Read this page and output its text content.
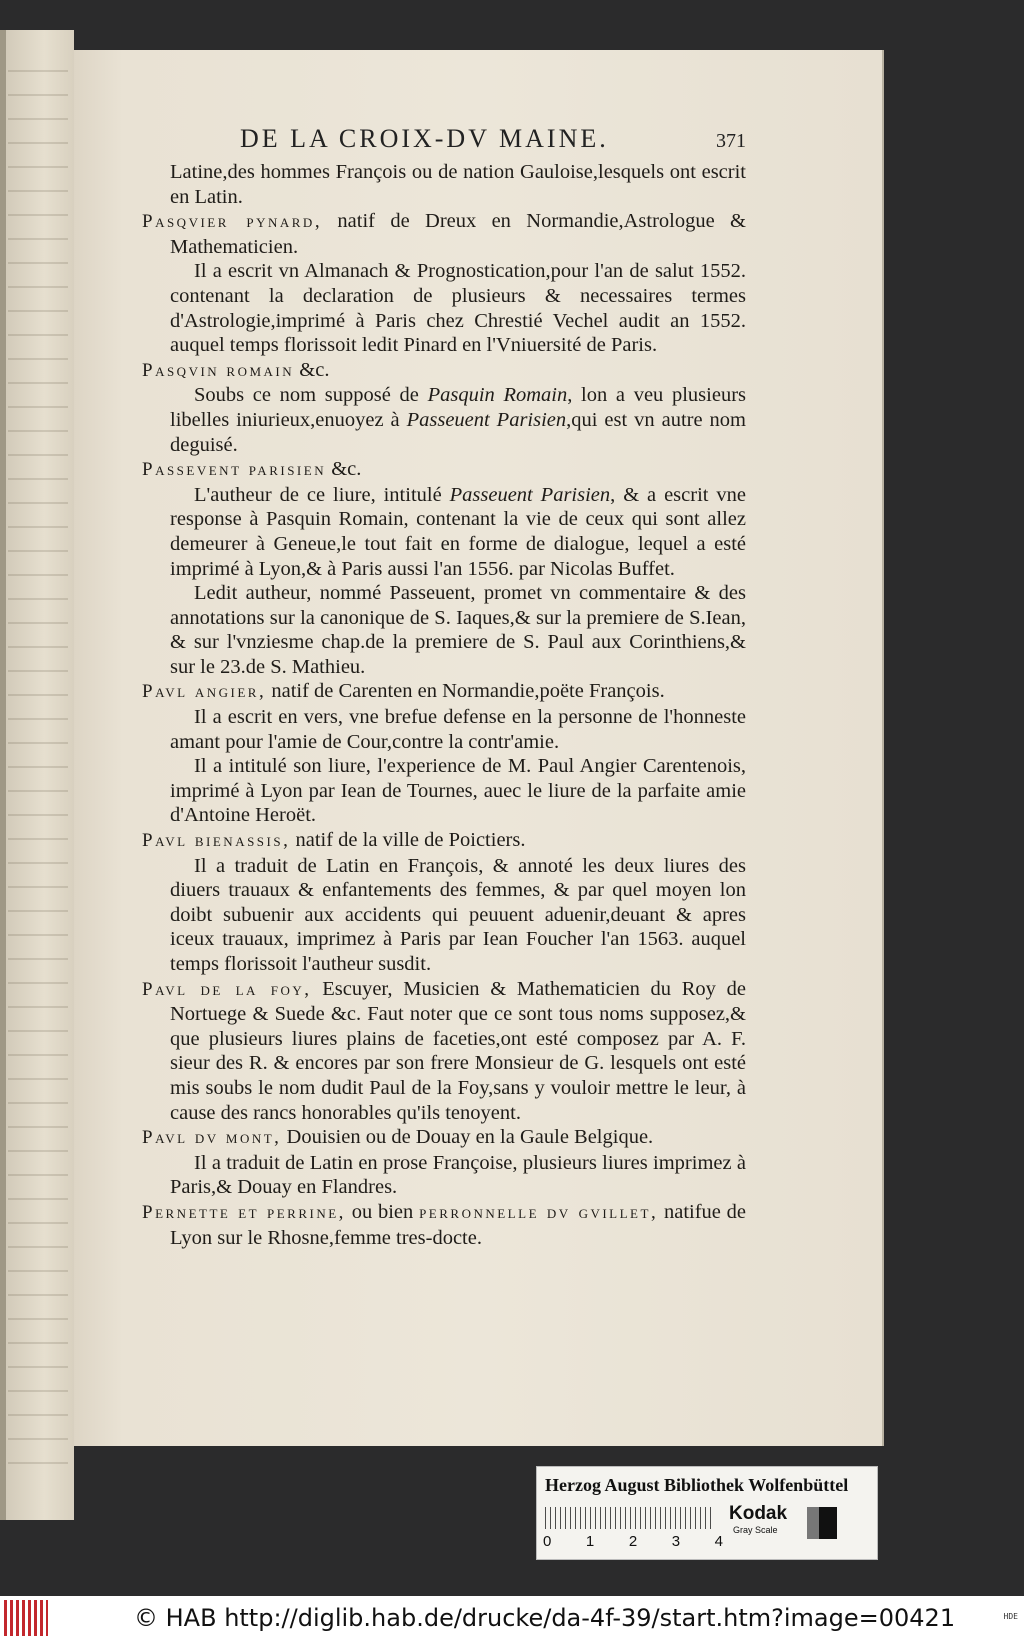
DE LA CROIX-DV MAINE.	371

Latine,des hommes François ou de nation Gauloise,lesquels ont escrit en Latin.

Pasqvier pynard, natif de Dreux en Normandie,Astrologue & Mathematicien.

Il a escrit vn Almanach & Prognostication,pour l'an de salut 1552. contenant la declaration de plusieurs & necessaires termes d'Astrologie,imprimé à Paris chez Chrestié Vechel audit an 1552. auquel temps florissoit ledit Pinard en l'Vniuersité de Paris.

Pasqvin romain &c.

Soubs ce nom supposé de Pasquin Romain, lon a veu plusieurs libelles iniurieux,enuoyez à Passeuent Parisien,qui est vn autre nom deguisé.

Passevent parisien &c.

L'autheur de ce liure, intitulé Passeuent Parisien, & a escrit vne response à Pasquin Romain, contenant la vie de ceux qui sont allez demeurer à Geneue,le tout fait en forme de dialogue, lequel a esté imprimé à Lyon,& à Paris aussi l'an 1556. par Nicolas Buffet.

Ledit autheur, nommé Passeuent, promet vn commentaire & des annotations sur la canonique de S. Iaques,& sur la premiere de S.Iean, & sur l'vnziesme chap.de la premiere de S. Paul aux Corinthiens,& sur le 23.de S. Mathieu.

Pavl angier, natif de Carenten en Normandie,poëte François.

Il a escrit en vers, vne brefue defense en la personne de l'honneste amant pour l'amie de Cour,contre la contr'amie.

Il a intitulé son liure, l'experience de M. Paul Angier Carentenois, imprimé à Lyon par Iean de Tournes, auec le liure de la parfaite amie d'Antoine Heroët.

Pavl bienassis, natif de la ville de Poictiers.

Il a traduit de Latin en François, & annoté les deux liures des diuers trauaux & enfantements des femmes, & par quel moyen lon doibt subuenir aux accidents qui peuuent aduenir,deuant & apres iceux trauaux, imprimez à Paris par Iean Foucher l'an 1563. auquel temps florissoit l'autheur susdit.

Pavl de la foy, Escuyer, Musicien & Mathematicien du Roy de Nortuege & Suede &c. Faut noter que ce sont tous noms supposez,& que plusieurs liures plains de faceties,ont esté composez par A. F. sieur des R. & encores par son frere Monsieur de G. lesquels ont esté mis soubs le nom dudit Paul de la Foy,sans y vouloir mettre le leur, à cause des rancs honorables qu'ils tenoyent.

Pavl dv mont, Douisien ou de Douay en la Gaule Belgique.

Il a traduit de Latin en prose Françoise, plusieurs liures imprimez à Paris,& Douay en Flandres.

Pernette et perrine, ou bien perronnelle dv gvillet, natifue de Lyon sur le Rhosne,femme tres-docte.

Herzog August Bibliothek Wolfenbüttel
0 1 2 3 4
Kodak
Gray Scale
© HAB http://diglib.hab.de/drucke/da-4f-39/start.htm?image=00421	HDE
